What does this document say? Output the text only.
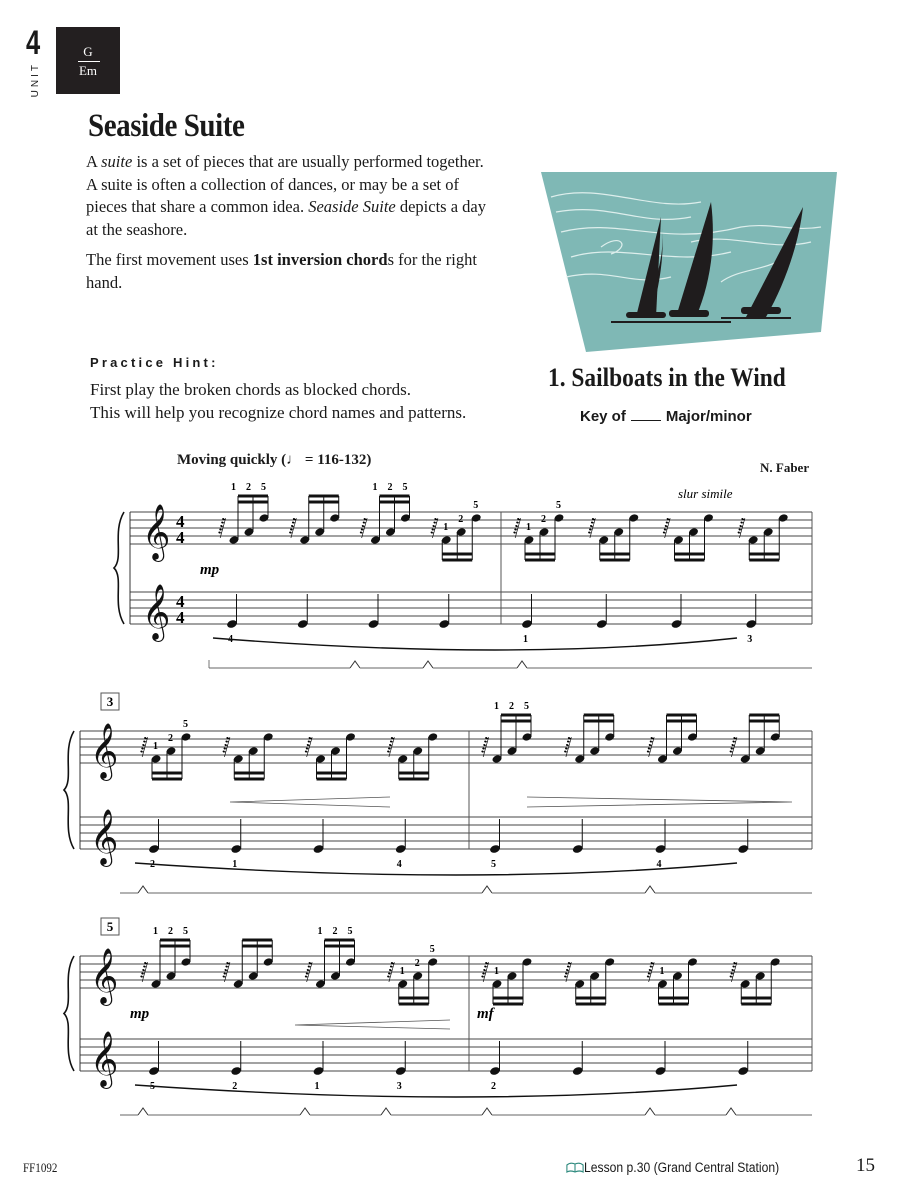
4
UNIT
G
Em
Seaside Suite

A suite is a set of pieces that are usually performed together. A suite is often a collection of dances, or may be a set of pieces that share a common idea. Seaside Suite depicts a day at the seashore.

The first movement uses 1st inversion chords for the right hand.

Practice Hint:
First play the broken chords as blocked chords.
This will help you recognize chord names and patterns.
1. Sailboats in the Wind
Key of	Major/minor
Moving quickly (♩ = 116-132)	N. Faber
𝄞
𝄞
4
4
4
4
𝅂
1 2 5
4
𝅂	𝅂
1 2 5
𝅂 1
2
5
mp
𝅂 1
2
5
1
𝅂	𝅂	𝅂
3
slur simile
𝄞
𝄞
3
𝅂 1
2
5
2
𝅂
1
𝅂	𝅂
4
𝅂
1 2 5
5
𝅂	𝅂
4
𝅂
𝄞
𝄞
5
𝅂
1 2 5
5
𝅂
2
𝅂
1 2 5
1
𝅂 1
2
5
3
mp
𝅂 1
2
𝅂	𝅂 1	𝅂
mf
FF1092	Lesson p.30 (Grand Central Station)	15
